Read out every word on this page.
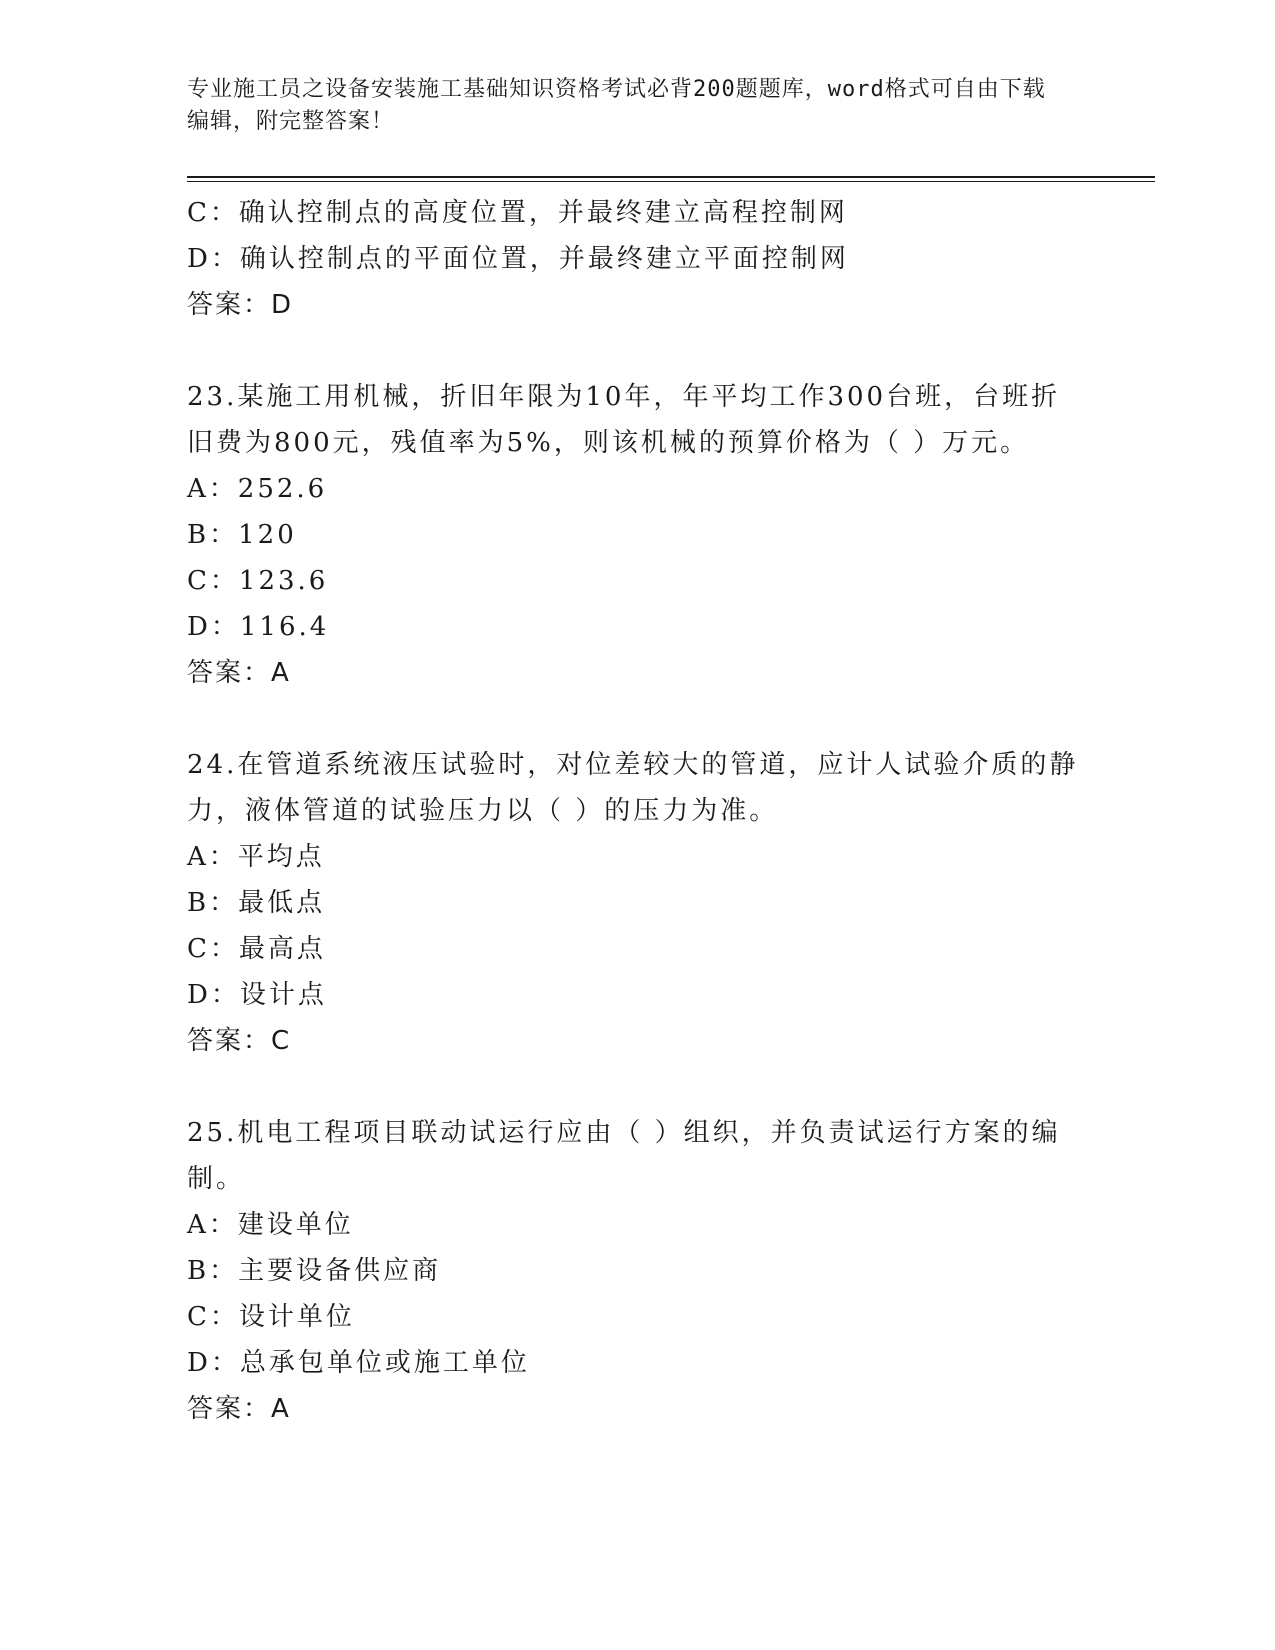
专业施工员之设备安装施工基础知识资格考试必背200题题库，word格式可自由下载编辑，附完整答案！
C：确认控制点的高度位置，并最终建立高程控制网
D：确认控制点的平面位置，并最终建立平面控制网
答案：D
23.某施工用机械，折旧年限为10年，年平均工作300台班，台班折
旧费为800元，残值率为5%，则该机械的预算价格为（ ）万元。
A：252.6
B：120
C：123.6
D：116.4
答案：A
24.在管道系统液压试验时，对位差较大的管道，应计人试验介质的静
力，液体管道的试验压力以（ ）的压力为准。
A：平均点
B：最低点
C：最高点
D：设计点
答案：C
25.机电工程项目联动试运行应由（ ）组织，并负责试运行方案的编
制。
A：建设单位
B：主要设备供应商
C：设计单位
D：总承包单位或施工单位
答案：A
